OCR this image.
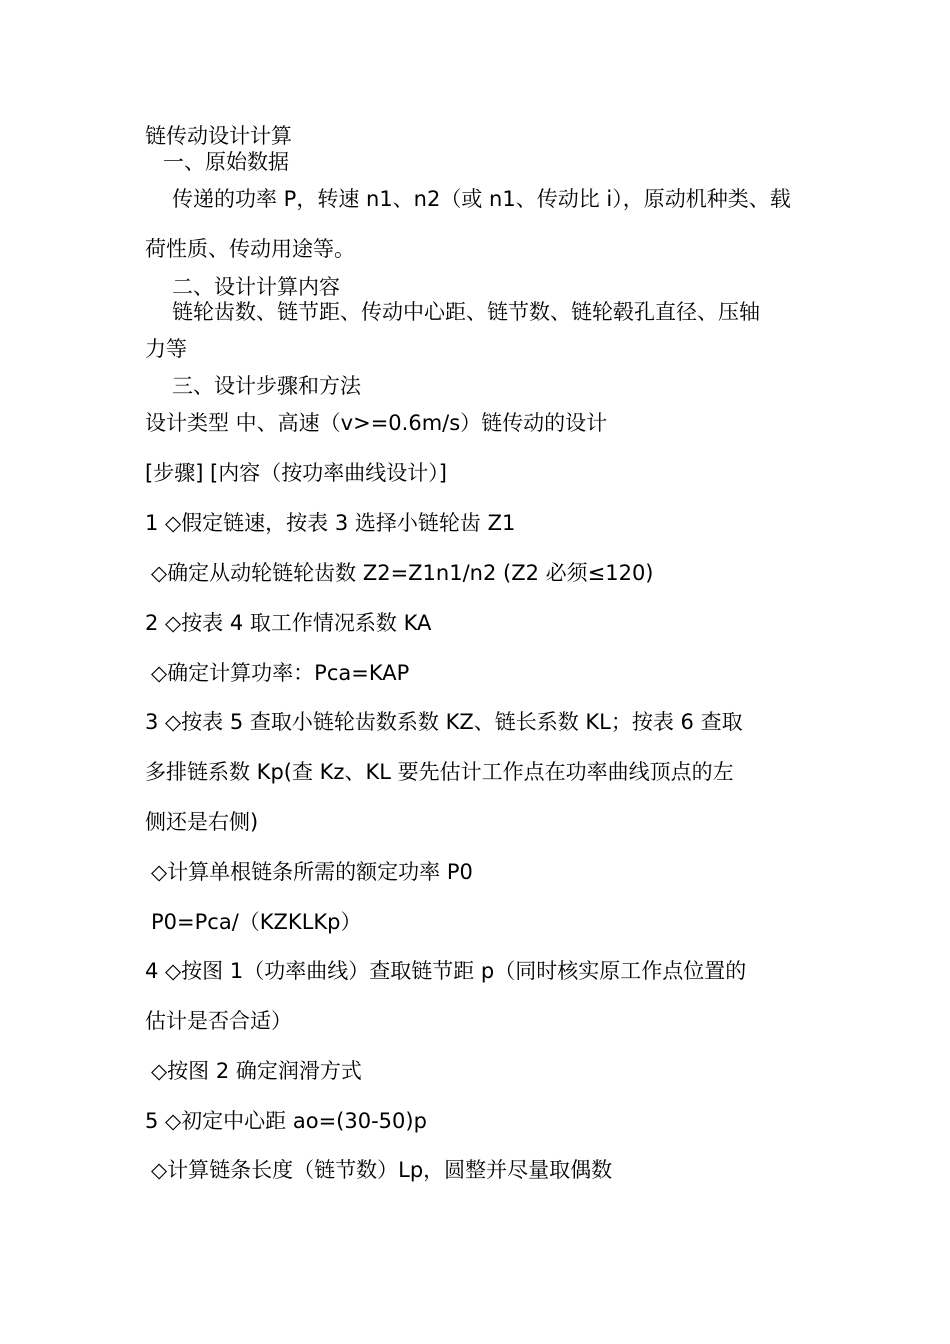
链传动设计计算
一、原始数据
传递的功率 P，转速 n1、n2（或 n1、传动比 i），原动机种类、载
荷性质、传动用途等。
二、设计计算内容
链轮齿数、链节距、传动中心距、链节数、链轮毂孔直径、压轴
力等
三、设计步骤和方法
设计类型 中、高速（v>=0.6m/s）链传动的设计
[步骤] [内容（按功率曲线设计）]
1 ◇假定链速，按表 3 选择小链轮齿 Z1
◇确定从动轮链轮齿数 Z2=Z1n1/n2 (Z2 必须≤120)
2 ◇按表 4 取工作情况系数 KA
◇确定计算功率：Pca=KAP
3 ◇按表 5 查取小链轮齿数系数 KZ、链长系数 KL；按表 6 查取
多排链系数 Kp(查 Kz、KL 要先估计工作点在功率曲线顶点的左
侧还是右侧)
◇计算单根链条所需的额定功率 P0
P0=Pca/（KZKLKp）
4 ◇按图 1（功率曲线）查取链节距 p（同时核实原工作点位置的
估计是否合适）
◇按图 2 确定润滑方式
5 ◇初定中心距 ao=(30-50)p
◇计算链条长度（链节数）Lp，圆整并尽量取偶数
